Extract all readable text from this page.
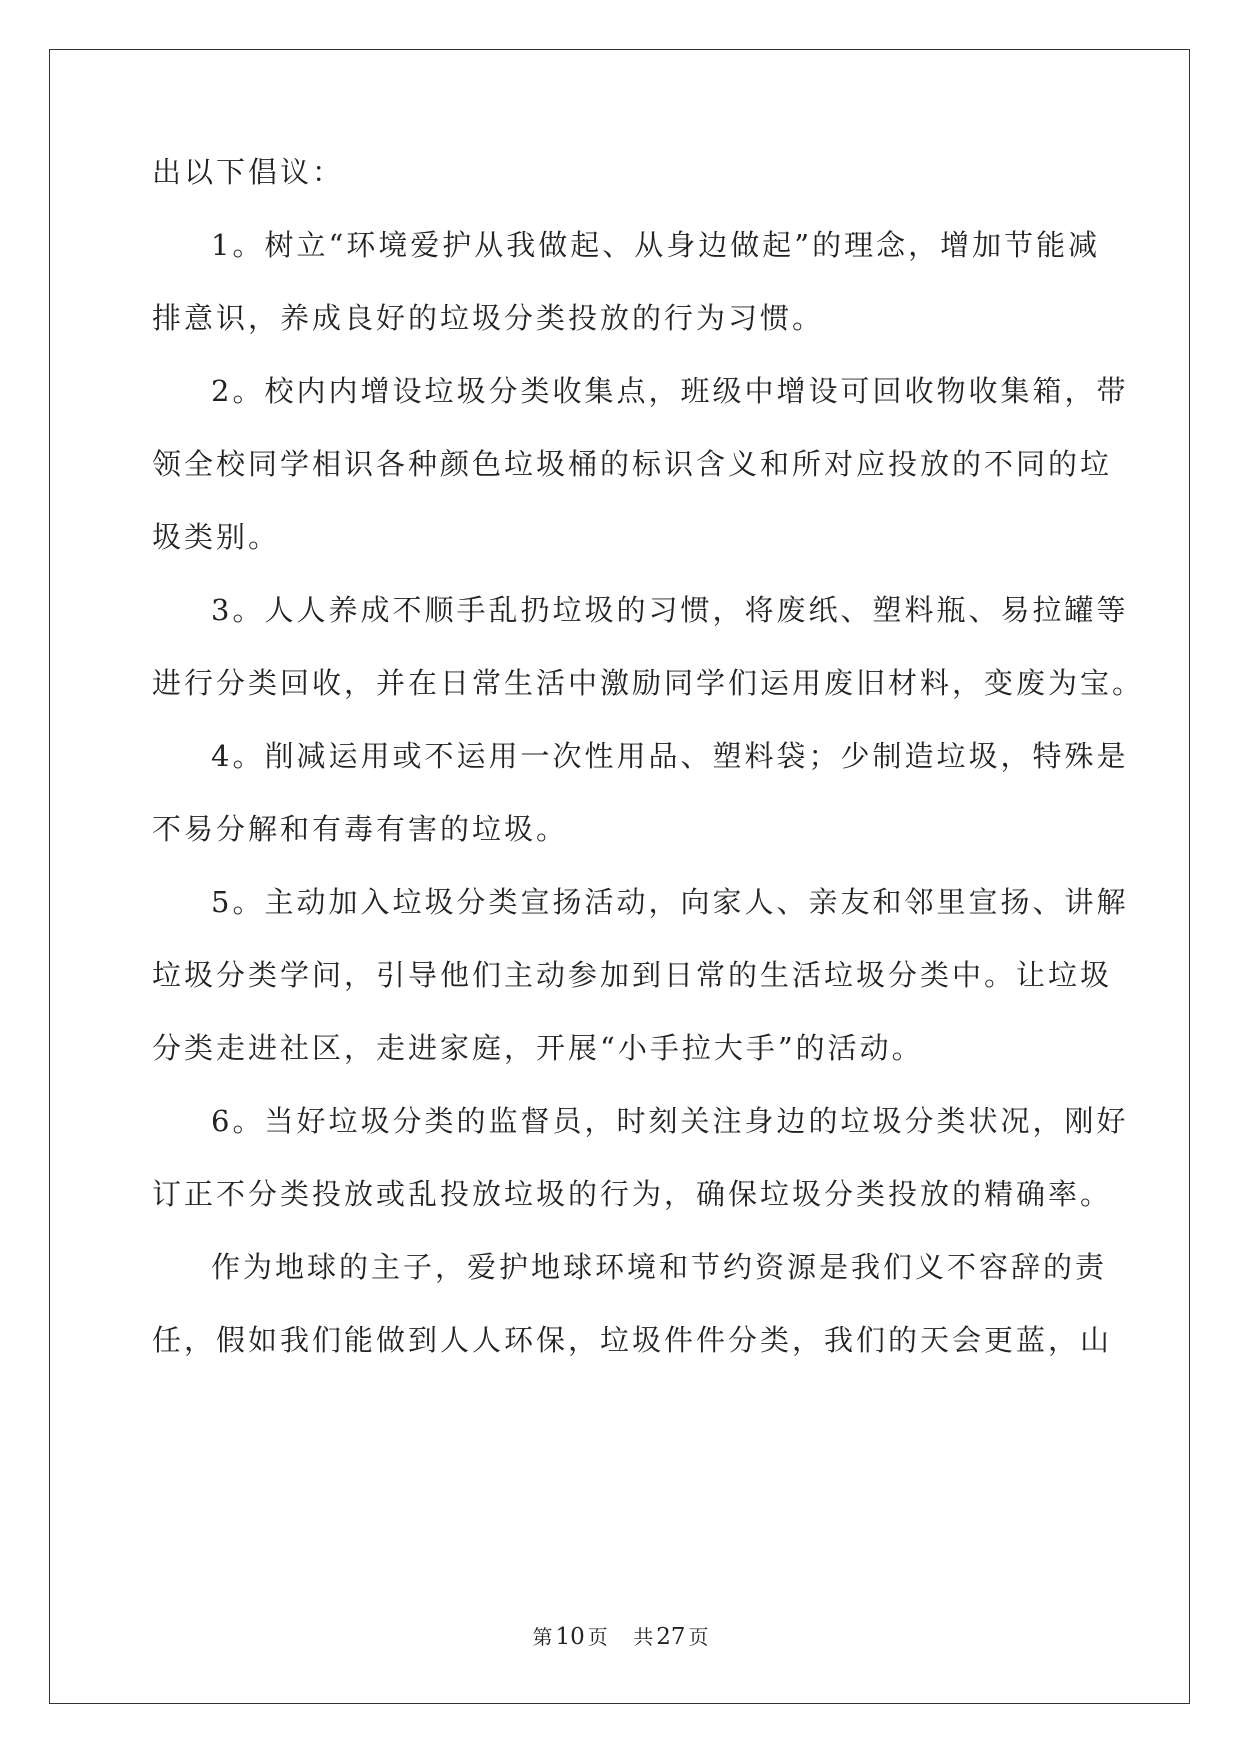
出以下倡议：
1。树立“环境爱护从我做起、从身边做起”的理念，增加节能减
排意识，养成良好的垃圾分类投放的行为习惯。
2。校内内增设垃圾分类收集点，班级中增设可回收物收集箱，带
领全校同学相识各种颜色垃圾桶的标识含义和所对应投放的不同的垃
圾类别。
3。人人养成不顺手乱扔垃圾的习惯，将废纸、塑料瓶、易拉罐等
进行分类回收，并在日常生活中激励同学们运用废旧材料，变废为宝。
4。削减运用或不运用一次性用品、塑料袋；少制造垃圾，特殊是
不易分解和有毒有害的垃圾。
5。主动加入垃圾分类宣扬活动，向家人、亲友和邻里宣扬、讲解
垃圾分类学问，引导他们主动参加到日常的生活垃圾分类中。让垃圾
分类走进社区，走进家庭，开展“小手拉大手”的活动。
6。当好垃圾分类的监督员，时刻关注身边的垃圾分类状况，刚好
订正不分类投放或乱投放垃圾的行为，确保垃圾分类投放的精确率。
作为地球的主子，爱护地球环境和节约资源是我们义不容辞的责
任，假如我们能做到人人环保，垃圾件件分类，我们的天会更蓝，山
第 10 页 共 27 页
